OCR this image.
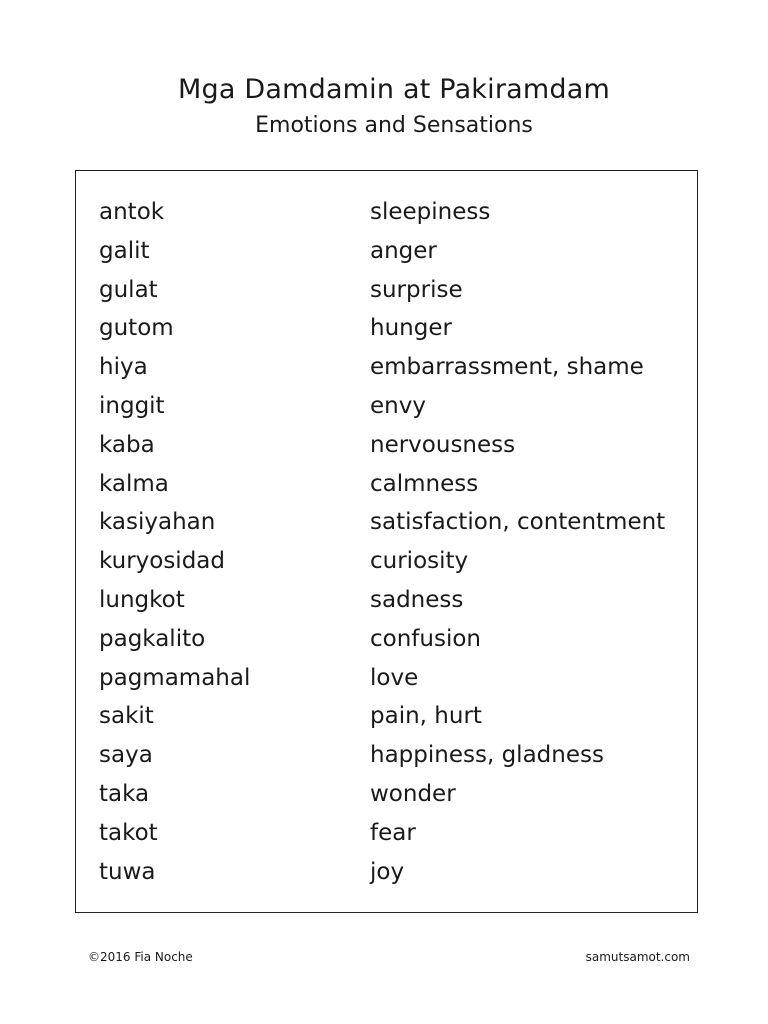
Mga Damdamin at Pakiramdam
Emotions and Sensations
antok	sleepiness
galit	anger
gulat	surprise
gutom	hunger
hiya	embarrassment, shame
inggit	envy
kaba	nervousness
kalma	calmness
kasiyahan	satisfaction, contentment
kuryosidad	curiosity
lungkot	sadness
pagkalito	confusion
pagmamahal	love
sakit	pain, hurt
saya	happiness, gladness
taka	wonder
takot	fear
tuwa	joy
©2016 Fia Noche	samutsamot.com
